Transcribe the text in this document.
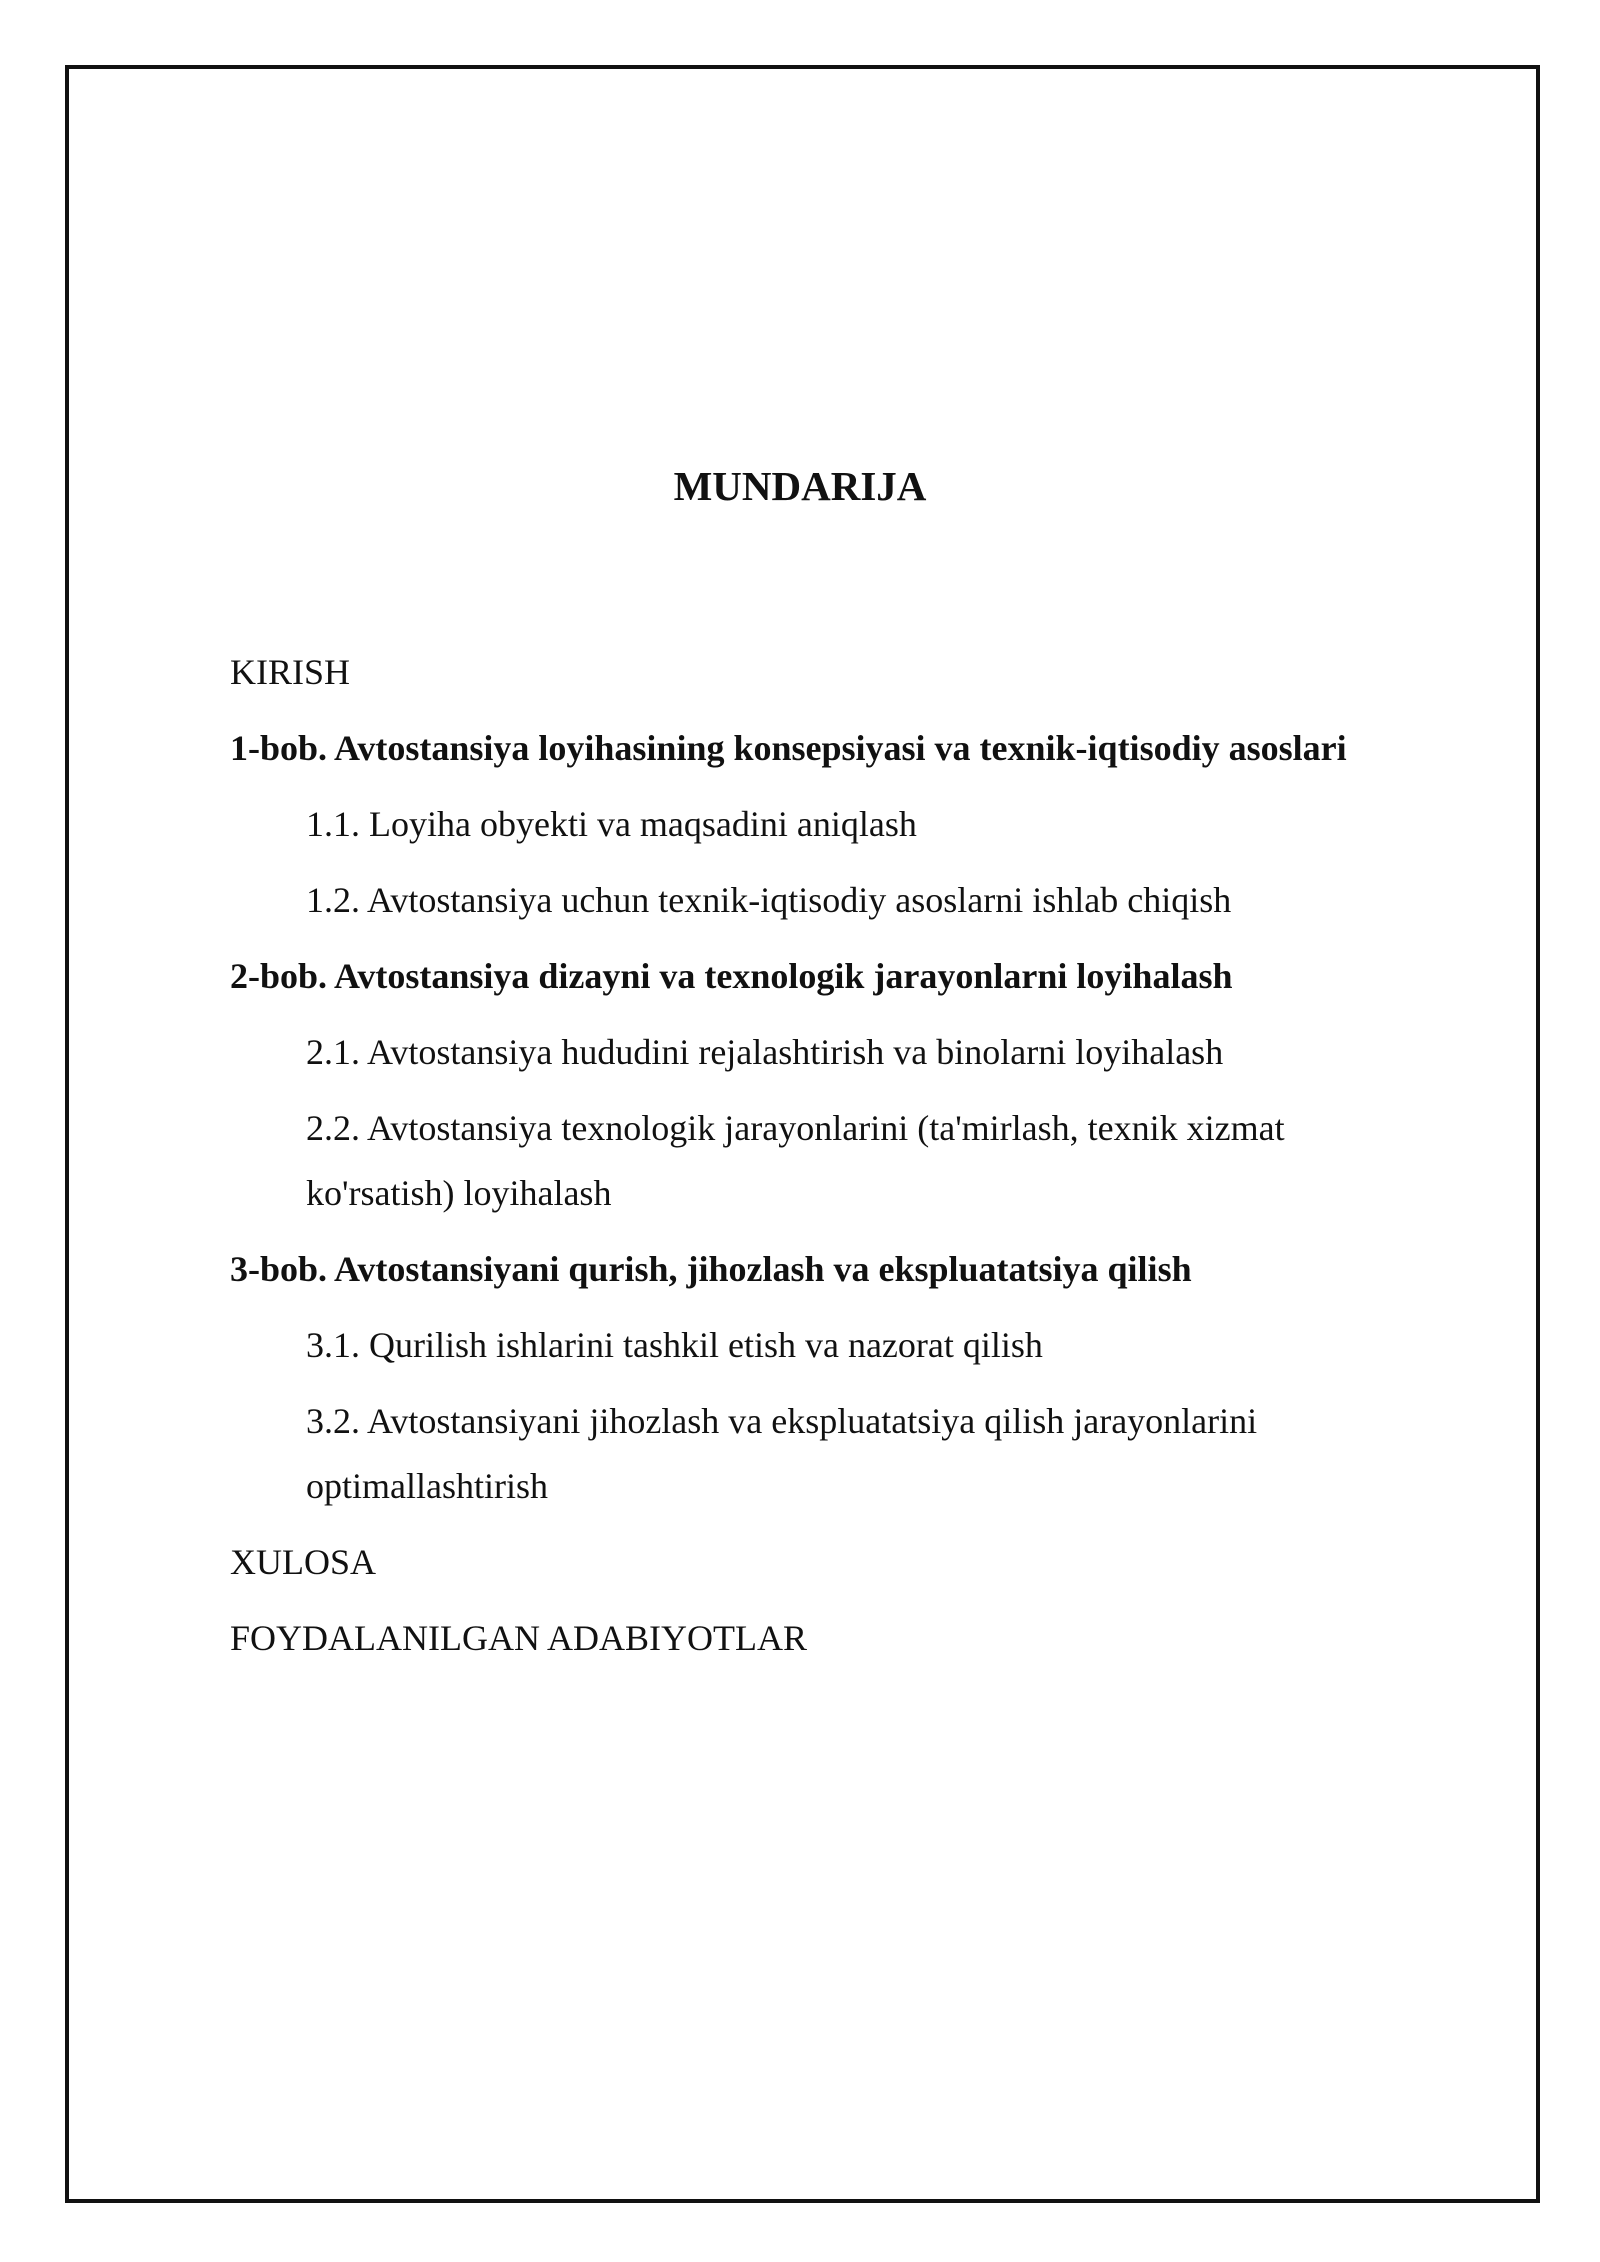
MUNDARIJA

KIRISH

1-bob. Avtostansiya loyihasining konsepsiyasi va texnik-iqtisodiy asoslari

1.1. Loyiha obyekti va maqsadini aniqlash

1.2. Avtostansiya uchun texnik-iqtisodiy asoslarni ishlab chiqish

2-bob. Avtostansiya dizayni va texnologik jarayonlarni loyihalash

2.1. Avtostansiya hududini rejalashtirish va binolarni loyihalash

2.2. Avtostansiya texnologik jarayonlarini (ta'mirlash, texnik xizmat ko'rsatish) loyihalash

3-bob. Avtostansiyani qurish, jihozlash va ekspluatatsiya qilish

3.1. Qurilish ishlarini tashkil etish va nazorat qilish

3.2. Avtostansiyani jihozlash va ekspluatatsiya qilish jarayonlarini optimallashtirish

XULOSA

FOYDALANILGAN ADABIYOTLAR
